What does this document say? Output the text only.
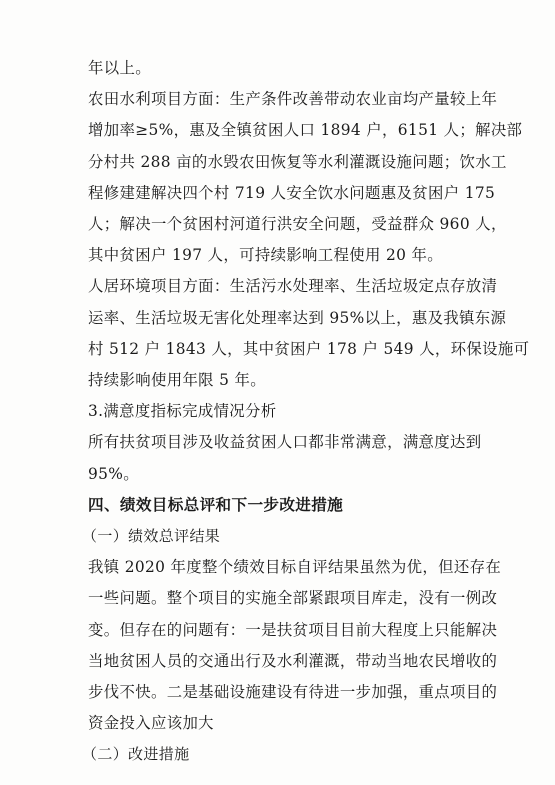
年以上。
农田水利项目方面：生产条件改善带动农业亩均产量较上年
增加率≥5%，惠及全镇贫困人口 1894 户，6151 人；解决部
分村共 288 亩的水毁农田恢复等水利灌溉设施问题；饮水工
程修建建解决四个村 719 人安全饮水问题惠及贫困户 175
人；解决一个贫困村河道行洪安全问题，受益群众 960 人，
其中贫困户 197 人，可持续影响工程使用 20 年。
人居环境项目方面：生活污水处理率、生活垃圾定点存放清
运率、生活垃圾无害化处理率达到 95%以上，惠及我镇东源
村 512 户 1843 人，其中贫困户 178 户 549 人，环保设施可
持续影响使用年限 5 年。
3.满意度指标完成情况分析
所有扶贫项目涉及收益贫困人口都非常满意，满意度达到
95%。
四、绩效目标总评和下一步改进措施
（一）绩效总评结果
我镇 2020 年度整个绩效目标自评结果虽然为优，但还存在
一些问题。整个项目的实施全部紧跟项目库走，没有一例改
变。但存在的问题有：一是扶贫项目目前大程度上只能解决
当地贫困人员的交通出行及水利灌溉，带动当地农民增收的
步伐不快。二是基础设施建设有待进一步加强，重点项目的
资金投入应该加大
（二）改进措施
